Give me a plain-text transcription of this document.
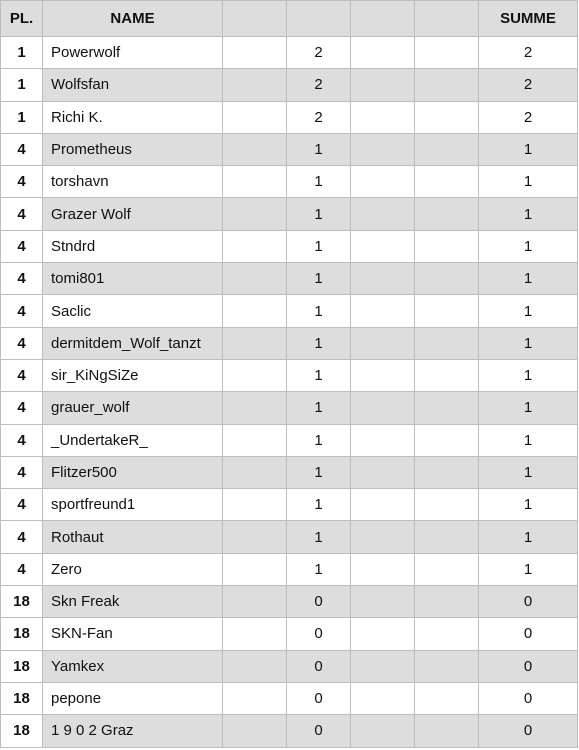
PL.	NAME					SUMME
1	Powerwolf		2			2
1	Wolfsfan		2			2
1	Richi K.		2			2
4	Prometheus		1			1
4	torshavn		1			1
4	Grazer Wolf		1			1
4	Stndrd		1			1
4	tomi801		1			1
4	Saclic		1			1
4	dermitdem_Wolf_tanzt		1			1
4	sir_KiNgSiZe		1			1
4	grauer_wolf		1			1
4	_UndertakeR_		1			1
4	Flitzer500		1			1
4	sportfreund1		1			1
4	Rothaut		1			1
4	Zero		1			1
18	Skn Freak		0			0
18	SKN-Fan		0			0
18	Yamkex		0			0
18	pepone		0			0
18	1 9 0 2 Graz		0			0
